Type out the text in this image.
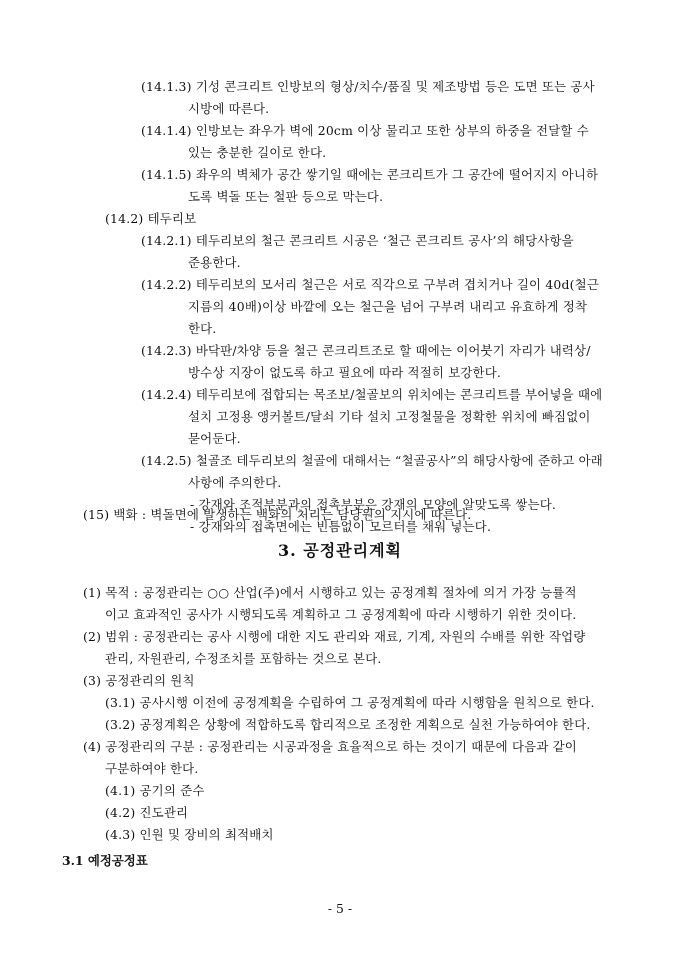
(14.1.3) 기성 콘크리트 인방보의 형상/치수/품질 및 제조방법 등은 도면 또는 공사
시방에 따른다.
(14.1.4) 인방보는 좌우가 벽에 20cm 이상 물리고 또한 상부의 하중을 전달할 수
있는 충분한 길이로 한다.
(14.1.5) 좌우의 벽체가 공간 쌓기일 때에는 콘크리트가 그 공간에 떨어지지 아니하
도록 벽돌 또는 철판 등으로 막는다.
(14.2) 테두리보
(14.2.1) 테두리보의 철근 콘크리트 시공은 ‘철근 콘크리트 공사’의 해당사항을
준용한다.
(14.2.2) 테두리보의 모서리 철근은 서로 직각으로 구부려 겹치거나 길이 40d(철근
지름의 40배)이상 바깥에 오는 철근을 넘어 구부려 내리고 유효하게 정착
한다.
(14.2.3) 바닥판/차양 등을 철근 콘크리트조로 할 때에는 이어붓기 자리가 내력상/
방수상 지장이 없도록 하고 필요에 따라 적절히 보강한다.
(14.2.4) 테두리보에 접합되는 목조보/철골보의 위치에는 콘크리트를 부어넣을 때에
설치 고정용 앵커볼트/달쇠 기타 설치 고정철물을 정확한 위치에 빠짐없이
묻어둔다.
(14.2.5) 철골조 테두리보의 철골에 대해서는 “철골공사”의 해당사항에 준하고 아래
사항에 주의한다.
- 강재와 조적부분과의 접촉부분은 강재의 모양에 알맞도록 쌓는다.
- 강재와의 접촉면에는 빈틈없이 모르터를 채워 넣는다.
(15) 백화 : 벽돌면에 발생하는 백화의 처리는 담당원의 지시에 따른다.
3. 공정관리계획
(1) 목적 : 공정관리는 ○○ 산업(주)에서 시행하고 있는 공정계획 절차에 의거 가장 능률적
이고 효과적인 공사가 시행되도록 계획하고 그 공정계획에 따라 시행하기 위한 것이다.
(2) 범위 : 공정관리는 공사 시행에 대한 지도 관리와 재료, 기계, 자원의 수배를 위한 작업량
관리, 자원관리, 수정조치를 포함하는 것으로 본다.
(3) 공정관리의 원칙
(3.1) 공사시행 이전에 공정계획을 수립하여 그 공정계획에 따라 시행함을 원칙으로 한다.
(3.2) 공정계획은 상황에 적합하도록 합리적으로 조정한 계획으로 실천 가능하여야 한다.
(4) 공정관리의 구분 : 공정관리는 시공과정을 효율적으로 하는 것이기 때문에 다음과 같이
구분하여야 한다.
(4.1) 공기의 준수
(4.2) 진도관리
(4.3) 인원 및 장비의 최적배치
3.1 예정공정표
- 5 -
